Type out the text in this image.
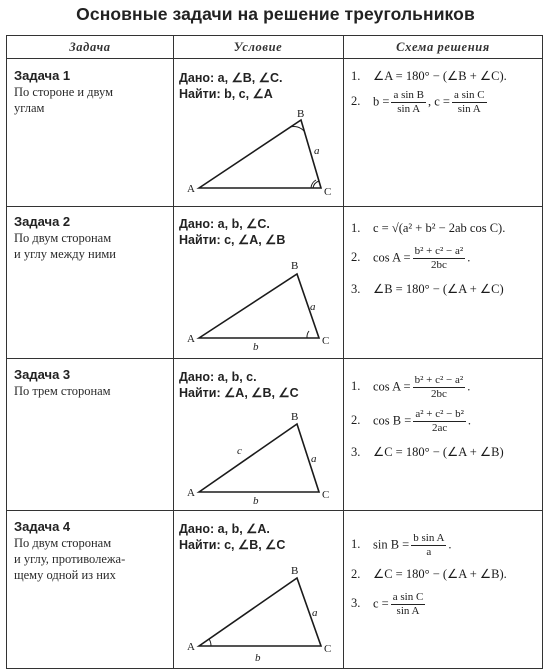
Основные задачи на решение треугольников
Задача	Условие	Схема решения
Задача 1
По стороне и двум
углам
Дано: a, ∠B, ∠C.
Найти: b, c, ∠A
A
B
C
a
1. ∠A = 180° − (∠B + ∠C).
2. $b = \frac{\text{a sin B}}{\text{sin A}}$ , $c = \frac{\text{a sin C}}{\text{sin A}}$
Задача 2
По двум сторонам
и углу между ними
Дано: a, b, ∠C.
Найти: c, ∠A, ∠B
A
B
C
a
b
1. c = √(a² + b² − 2ab cos C).
2. $\cos A = \frac{\text{b² + c² − a²}}{2bc}$ .
3. ∠B = 180° − (∠A + ∠C)
Задача 3
По трем сторонам
Дано: a, b, c.
Найти: ∠A, ∠B, ∠C
A
B
C
a
b
c
1. $\cos A = \frac{\text{b² + c² − a²}}{2bc}$ .
2. $\cos B = \frac{\text{a² + c² − b²}}{2ac}$ .
3. ∠C = 180° − (∠A + ∠B)
Задача 4
По двум сторонам
и углу, противолежа-
щему одной из них
Дано: a, b, ∠A.
Найти: c, ∠B, ∠C
A
B
C
a
b
1. $\sin B = \frac{\text{b sin A}}{a}$ .
2. ∠C = 180° − (∠A + ∠B).
3. $c = \frac{\text{a sin C}}{\text{sin A}}$
